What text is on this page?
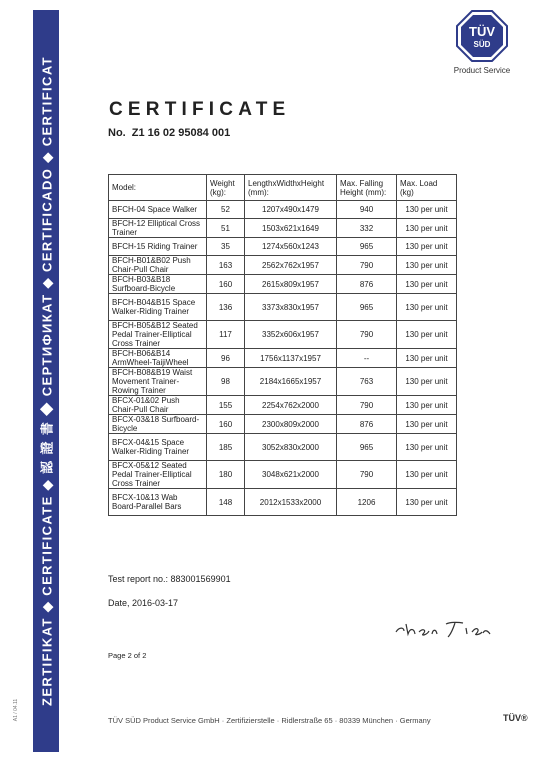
ZERTIFIKAT ◆ CERTIFICATE ◆ 認 證 書 ◆ СЕРТИФИКАТ ◆ CERTIFICADO ◆ CERTIFICAT
A1 / 04.11
TÜV
SÜD
Product Service
CERTIFICATE
No. Z1 16 02 95084 001
Model:	Weight (kg):	LengthxWidthxHeight (mm):	Max. Falling Height (mm):	Max. Load (kg)
BFCH-04 Space Walker	52	1207x490x1479	940	130 per unit
BFCH-12 Elliptical Cross Trainer	51	1503x621x1649	332	130 per unit
BFCH-15 Riding Trainer	35	1274x560x1243	965	130 per unit
BFCH-B01&B02 Push Chair-Pull Chair	163	2562x762x1957	790	130 per unit
BFCH-B03&B18 Surfboard-Bicycle	160	2615x809x1957	876	130 per unit
BFCH-B04&B15 Space Walker-Riding Trainer	136	3373x830x1957	965	130 per unit
BFCH-B05&B12 Seated Pedal Trainer-Elliptical Cross Trainer	117	3352x606x1957	790	130 per unit
BFCH-B06&B14 ArmWheel-TaijiWheel	96	1756x1137x1957	--	130 per unit
BFCH-B08&B19 Waist Movement Trainer-Rowing Trainer	98	2184x1665x1957	763	130 per unit
BFCX-01&02 Push Chair-Pull Chair	155	2254x762x2000	790	130 per unit
BFCX-03&18 Surfboard-Bicycle	160	2300x809x2000	876	130 per unit
BFCX-04&15 Space Walker-Riding Trainer	185	3052x830x2000	965	130 per unit
BFCX-05&12 Seated Pedal Trainer-Elliptical Cross Trainer	180	3048x621x2000	790	130 per unit
BFCX-10&13 Wab Board-Parallel Bars	148	2012x1533x2000	1206	130 per unit
Test report no.: 883001569901
Date, 2016-03-17
Page 2 of 2
TÜV SÜD Product Service GmbH · Zertifizierstelle · Ridlerstraße 65 · 80339 München · Germany	TÜV®
